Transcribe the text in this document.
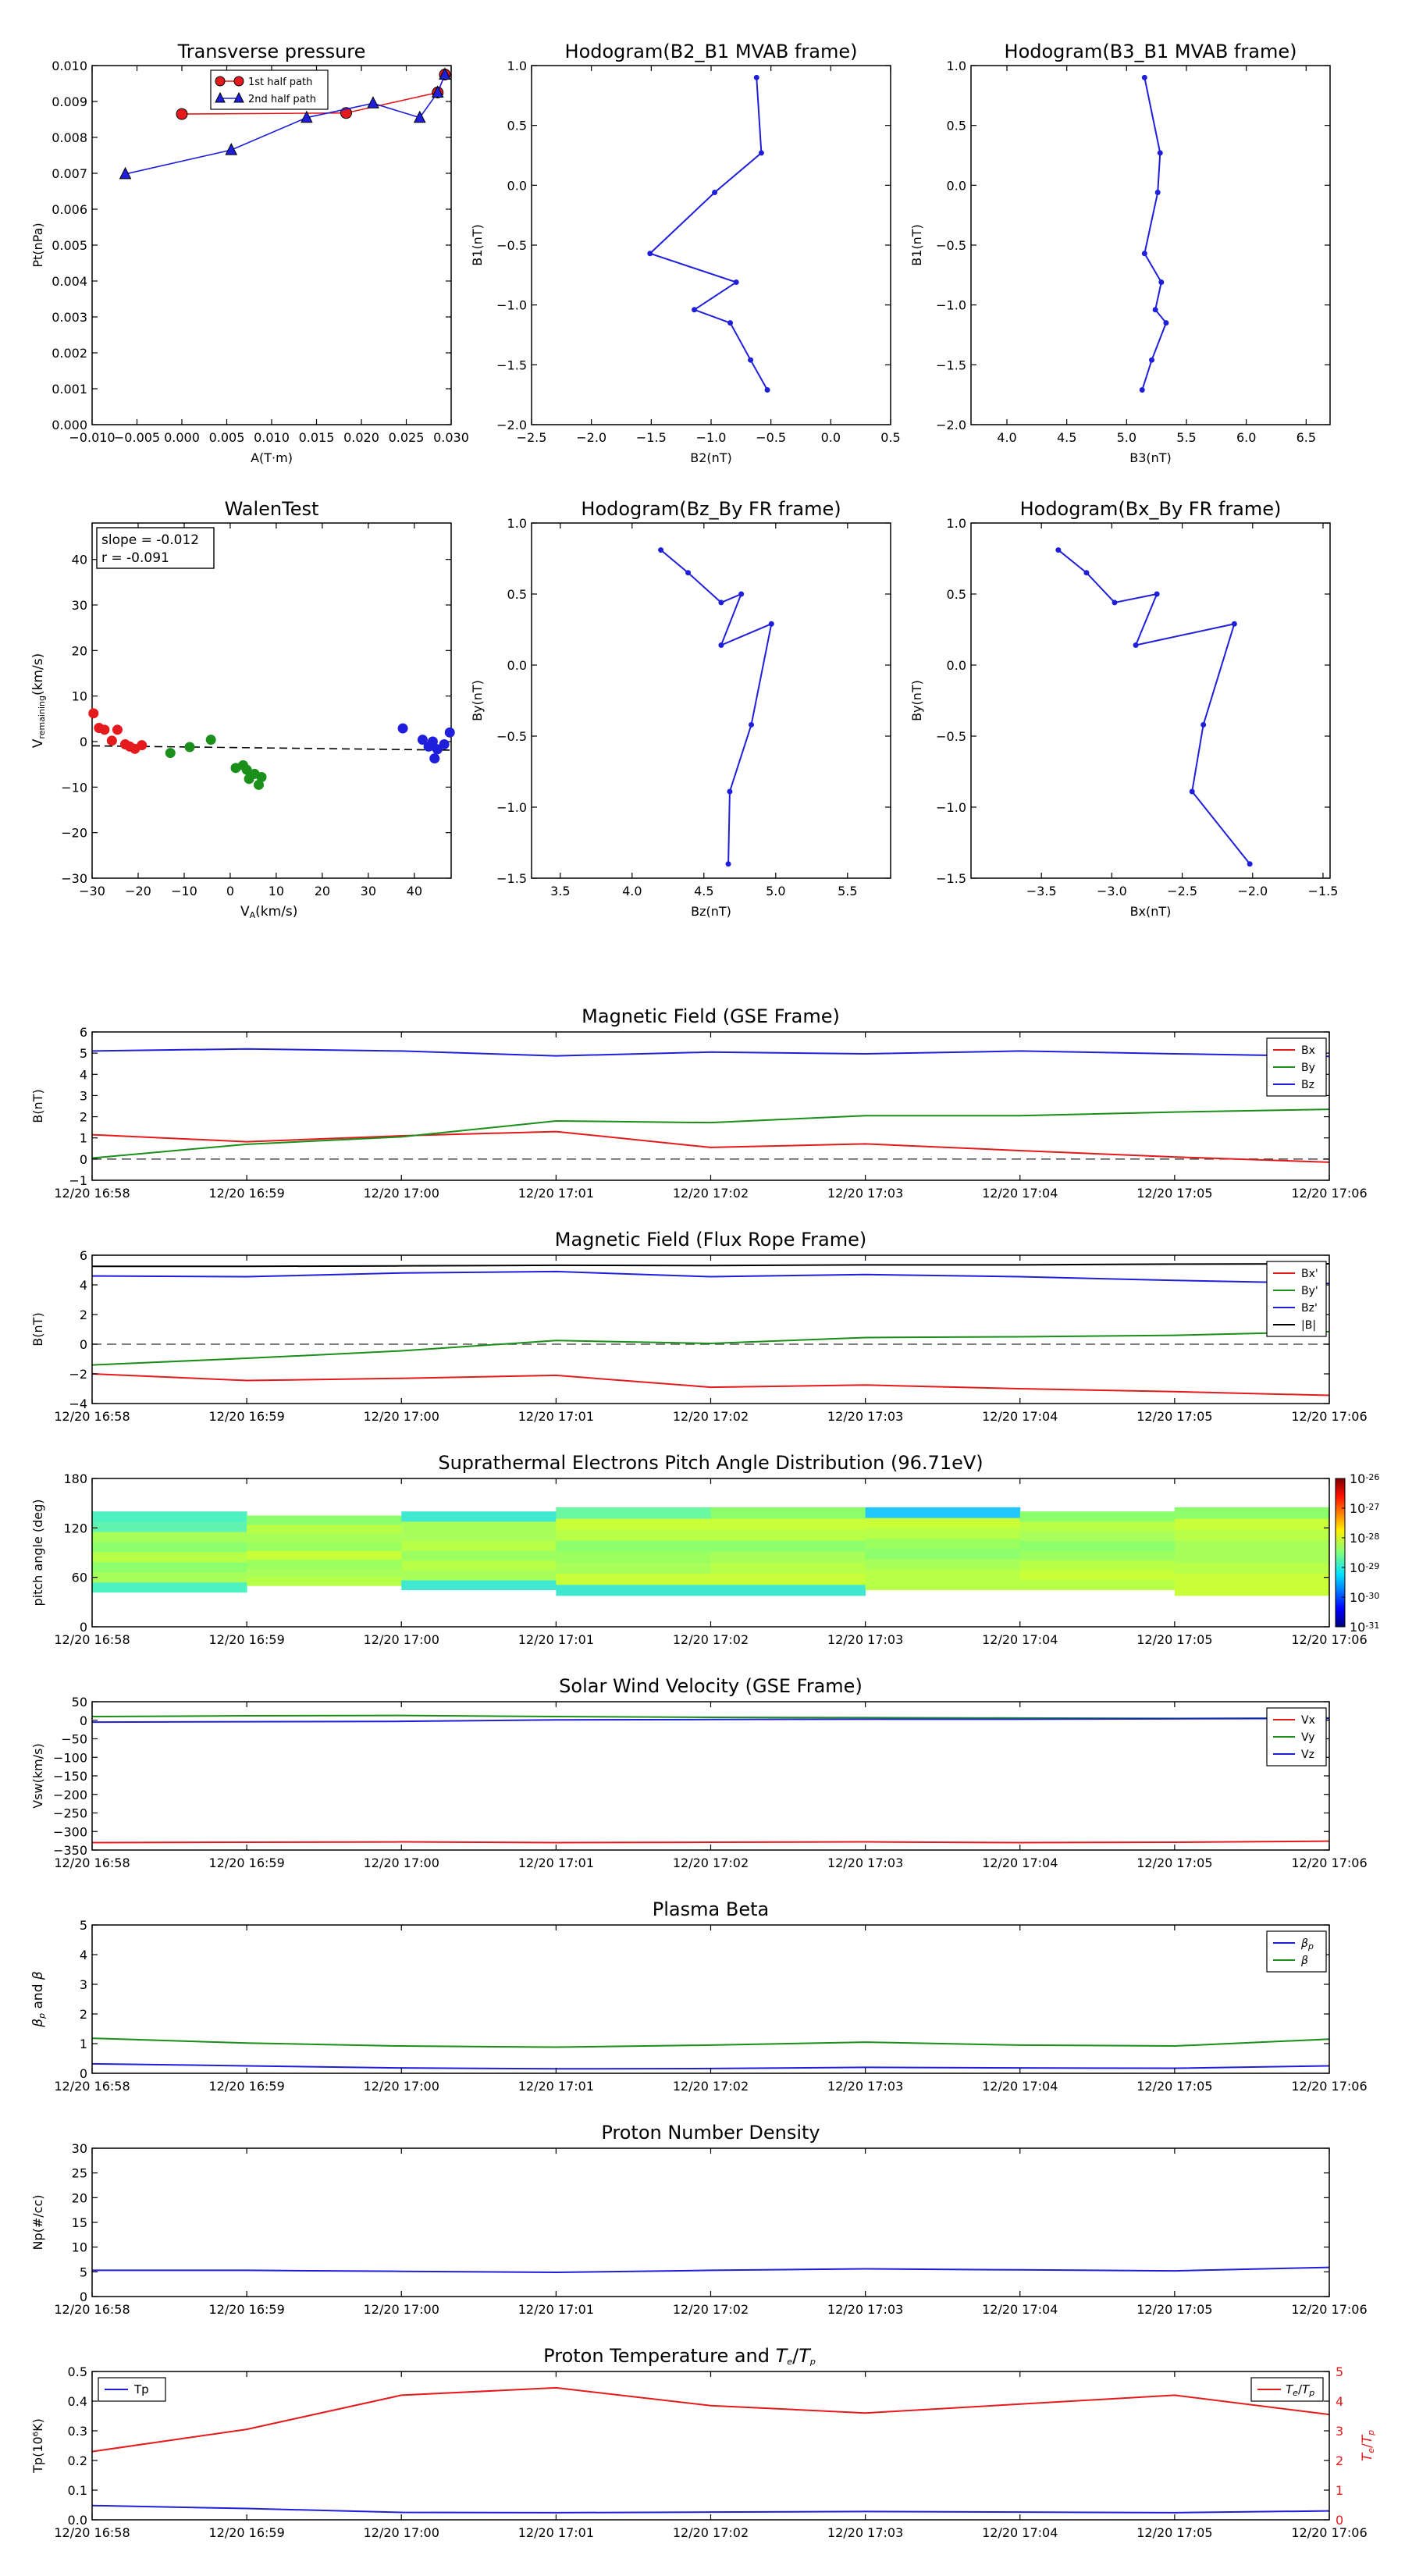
Transverse pressure
−0.010
−0.005 0.000 0.005 0.010 0.015 0.020 0.025 0.030
0.000
0.001
0.002
0.003
0.004
0.005
0.006
0.007
0.008
0.009
0.010
A(T·m)
Pt(nPa)
1st half path
2nd half path
Hodogram(B2_B1 MVAB frame)
−2.5 −2.0 −1.5 −1.0 −0.5	0.0	0.5
−2.0
−1.5
−1.0
−0.5
0.0
0.5
1.0
B2(nT)
B1(nT)
Hodogram(B3_B1 MVAB frame)
4.0	4.5	5.0	5.5	6.0	6.5
−2.0
−1.5
−1.0
−0.5
0.0
0.5
1.0
B3(nT)
B1(nT)
WalenTest
−30 −20 −10 0	10 20 30 40
−30
−20
−10
0
10
20
30
40
VA(km/s)
Vremaining(km/s)
slope = -0.012
r = -0.091
Hodogram(Bz_By FR frame)
3.5	4.0	4.5	5.0	5.5
−1.5
−1.0
−0.5
0.0
0.5
1.0
Bz(nT)
By(nT)
Hodogram(Bx_By FR frame)
−3.5	−3.0	−2.5	−2.0	−1.5
−1.5
−1.0
−0.5
0.0
0.5
1.0
Bx(nT)
By(nT)
Magnetic Field (GSE Frame)
12/20 16:58	12/20 16:59	12/20 17:00	12/20 17:01	12/20 17:02	12/20 17:03	12/20 17:04	12/20 17:05	12/20 17:06
−1
0
1
2
3
4
5
6
B(nT)
Bx
By
Bz
Magnetic Field (Flux Rope Frame)
12/20 16:58	12/20 16:59	12/20 17:00	12/20 17:01	12/20 17:02	12/20 17:03	12/20 17:04	12/20 17:05	12/20 17:06
−4
−2
0
2
4
6
B(nT)
Bx'
By'
Bz'
|B|
Suprathermal Electrons Pitch Angle Distribution (96.71eV)
10-26
10-27
10-28
10-29
10-30
10-31
12/20 16:58	12/20 16:59	12/20 17:00	12/20 17:01	12/20 17:02	12/20 17:03	12/20 17:04	12/20 17:05	12/20 17:06
0
60
120
180
pitch angle (deg)
Solar Wind Velocity (GSE Frame)
12/20 16:58	12/20 16:59	12/20 17:00	12/20 17:01	12/20 17:02	12/20 17:03	12/20 17:04	12/20 17:05	12/20 17:06
−350
−300
−250
−200
−150
−100
−50
0
50
Vsw(km/s)
Vx
Vy
Vz
Plasma Beta
12/20 16:58	12/20 16:59	12/20 17:00	12/20 17:01	12/20 17:02	12/20 17:03	12/20 17:04	12/20 17:05	12/20 17:06
0
1
2
3
4
5
βp and β
βp
β
Proton Number Density
12/20 16:58	12/20 16:59	12/20 17:00	12/20 17:01	12/20 17:02	12/20 17:03	12/20 17:04	12/20 17:05	12/20 17:06
0
5
10
15
20
25
30
Np(#/cc)
Proton Temperature and Te/Tp
12/20 16:58	12/20 16:59	12/20 17:00	12/20 17:01	12/20 17:02	12/20 17:03	12/20 17:04	12/20 17:05	12/20 17:06
0.0
0.1
0.2
0.3
0.4
0.5
Tp(10⁶K)
0
1
2
3
4
5
Te/Tp
Tp	Te/Tp
